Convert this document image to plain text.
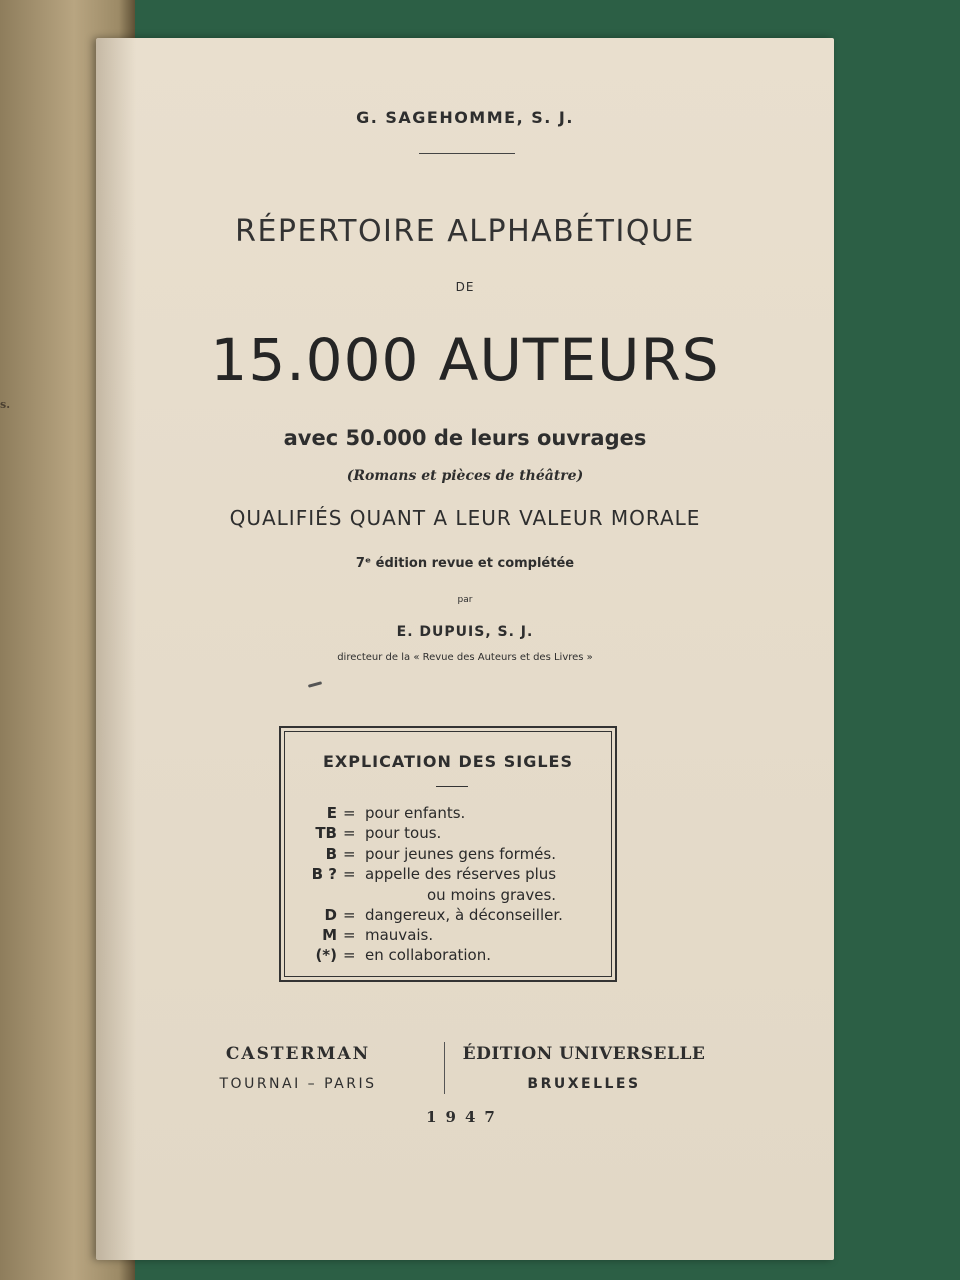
s.
G. SAGEHOMME, S. J.
RÉPERTOIRE ALPHABÉTIQUE
DE
15.000 AUTEURS
avec 50.000 de leurs ouvrages
(Romans et pièces de théâtre)
QUALIFIÉS QUANT A LEUR VALEUR MORALE
7ᵉ édition revue et complétée
par
E. DUPUIS, S. J.
directeur de la « Revue des Auteurs et des Livres »
EXPLICATION DES SIGLES
E = pour enfants.
TB = pour tous.
B = pour jeunes gens formés.
B ? = appelle des réserves plus
ou moins graves.
D = dangereux, à déconseiller.
M = mauvais.
(*) = en collaboration.
CASTERMAN
TOURNAI – PARIS
ÉDITION UNIVERSELLE
BRUXELLES
1947
